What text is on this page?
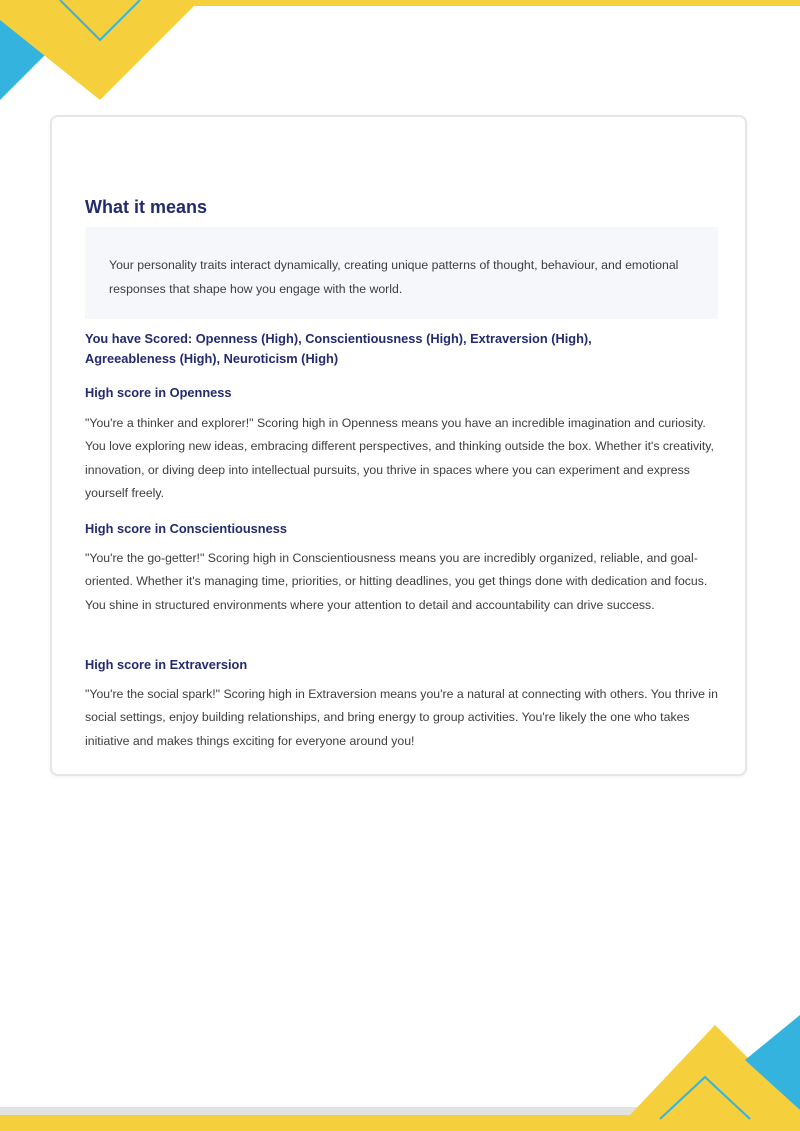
What it means
Your personality traits interact dynamically, creating unique patterns of thought, behaviour, and emotional responses that shape how you engage with the world.
You have Scored: Openness (High), Conscientiousness (High), Extraversion (High),
Agreeableness (High), Neuroticism (High)
High score in Openness

"You're a thinker and explorer!" Scoring high in Openness means you have an incredible imagination and curiosity. You love exploring new ideas, embracing different perspectives, and thinking outside the box. Whether it's creativity, innovation, or diving deep into intellectual pursuits, you thrive in spaces where you can experiment and express yourself freely.

High score in Conscientiousness

"You're the go-getter!" Scoring high in Conscientiousness means you are incredibly organized, reliable, and goal-oriented. Whether it's managing time, priorities, or hitting deadlines, you get things done with dedication and focus. You shine in structured environments where your attention to detail and accountability can drive success.

High score in Extraversion

"You're the social spark!" Scoring high in Extraversion means you're a natural at connecting with others. You thrive in social settings, enjoy building relationships, and bring energy to group activities. You're likely the one who takes initiative and makes things exciting for everyone around you!
